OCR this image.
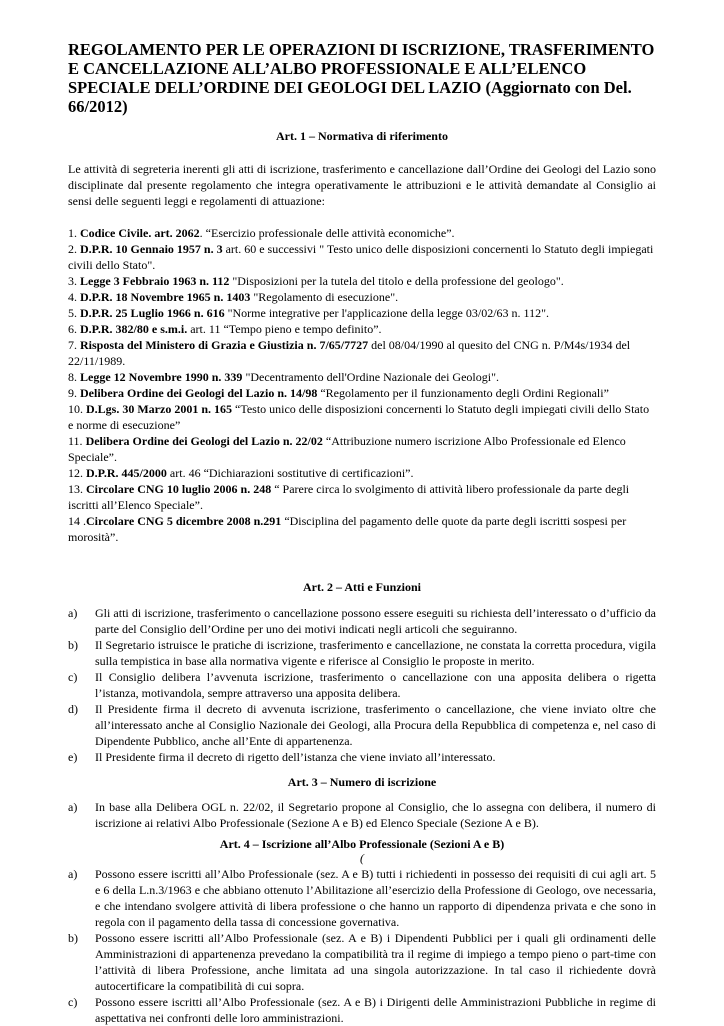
REGOLAMENTO PER LE OPERAZIONI DI ISCRIZIONE, TRASFERIMENTO E CANCELLAZIONE ALL’ALBO PROFESSIONALE E ALL’ELENCO SPECIALE DELL’ORDINE DEI GEOLOGI DEL LAZIO (Aggiornato con Del. 66/2012)

Art. 1 – Normativa di riferimento

Le attività di segreteria inerenti gli atti di iscrizione, trasferimento e cancellazione dall’Ordine dei Geologi del Lazio sono disciplinate dal presente regolamento che integra operativamente le attribuzioni e le attività demandate al Consiglio ai sensi delle seguenti leggi e regolamenti di attuazione:

1. Codice Civile. art. 2062. “Esercizio professionale delle attività economiche”.
2. D.P.R. 10 Gennaio 1957 n. 3 art. 60 e successivi " Testo unico delle disposizioni concernenti lo Statuto degli impiegati civili dello Stato".
3. Legge 3 Febbraio 1963 n. 112 "Disposizioni per la tutela del titolo e della professione del geologo".
4. D.P.R. 18 Novembre 1965 n. 1403 "Regolamento di esecuzione".
5. D.P.R. 25 Luglio 1966 n. 616 "Norme integrative per l'applicazione della legge 03/02/63 n. 112".
6. D.P.R. 382/80 e s.m.i. art. 11 “Tempo pieno e tempo definito”.
7. Risposta del Ministero di Grazia e Giustizia n. 7/65/7727 del 08/04/1990 al quesito del CNG n. P/M4s/1934 del 22/11/1989.
8. Legge 12 Novembre 1990 n. 339 "Decentramento dell'Ordine Nazionale dei Geologi".
9. Delibera Ordine dei Geologi del Lazio n. 14/98 “Regolamento per il funzionamento degli Ordini Regionali”
10. D.Lgs. 30 Marzo 2001 n. 165 “Testo unico delle disposizioni concernenti lo Statuto degli impiegati civili dello Stato e norme di esecuzione”
11. Delibera Ordine dei Geologi del Lazio n. 22/02 “Attribuzione numero iscrizione Albo Professionale ed Elenco Speciale”.
12. D.P.R. 445/2000 art. 46 “Dichiarazioni sostitutive di certificazioni”.
13. Circolare CNG 10 luglio 2006 n. 248 “ Parere circa lo svolgimento di attività libero professionale da parte degli iscritti all’Elenco Speciale”.
14 .Circolare CNG 5 dicembre 2008 n.291 “Disciplina del pagamento delle quote da parte degli iscritti sospesi per morosità”.

Art. 2 – Atti e Funzioni

a)	Gli atti di iscrizione, trasferimento o cancellazione possono essere eseguiti su richiesta dell’interessato o d’ufficio da parte del Consiglio dell’Ordine per uno dei motivi indicati negli articoli che seguiranno.
b)	Il Segretario istruisce le pratiche di iscrizione, trasferimento e cancellazione, ne constata la corretta procedura, vigila sulla tempistica in base alla normativa vigente e riferisce al Consiglio le proposte in merito.
c)	Il Consiglio delibera l’avvenuta iscrizione, trasferimento o cancellazione con una apposita delibera o rigetta l’istanza, motivandola, sempre attraverso una apposita delibera.
d)	Il Presidente firma il decreto di avvenuta iscrizione, trasferimento o cancellazione, che viene inviato oltre che all’interessato anche al Consiglio Nazionale dei Geologi, alla Procura della Repubblica di competenza e, nel caso di Dipendente Pubblico, anche all’Ente di appartenenza.
e)	Il Presidente firma il decreto di rigetto dell’istanza che viene inviato all’interessato.

Art. 3 – Numero di iscrizione

a)	In base alla Delibera OGL n. 22/02, il Segretario propone al Consiglio, che lo assegna con delibera, il numero di iscrizione ai relativi Albo Professionale (Sezione A e B) ed Elenco Speciale (Sezione A e B).

Art. 4 – Iscrizione all’Albo Professionale (Sezioni A e B)

(

a)	Possono essere iscritti all’Albo Professionale (sez. A e B) tutti i richiedenti in possesso dei requisiti di cui agli art. 5 e 6 della L.n.3/1963 e che abbiano ottenuto l’Abilitazione all’esercizio della Professione di Geologo, ove necessaria, e che intendano svolgere attività di libera professione o che hanno un rapporto di dipendenza privata e che sono in regola con il pagamento della tassa di concessione governativa.
b)	Possono essere iscritti all’Albo Professionale (sez. A e B) i Dipendenti Pubblici per i quali gli ordinamenti delle Amministrazioni di appartenenza prevedano la compatibilità tra il regime di impiego a tempo pieno o part-time con l’attività di libera Professione, anche limitata ad una singola autorizzazione. In tal caso il richiedente dovrà autocertificare la compatibilità di cui sopra.
c)	Possono essere iscritti all’Albo Professionale (sez. A e B) i Dirigenti delle Amministrazioni Pubbliche in regime di aspettativa nei confronti delle loro amministrazioni.
